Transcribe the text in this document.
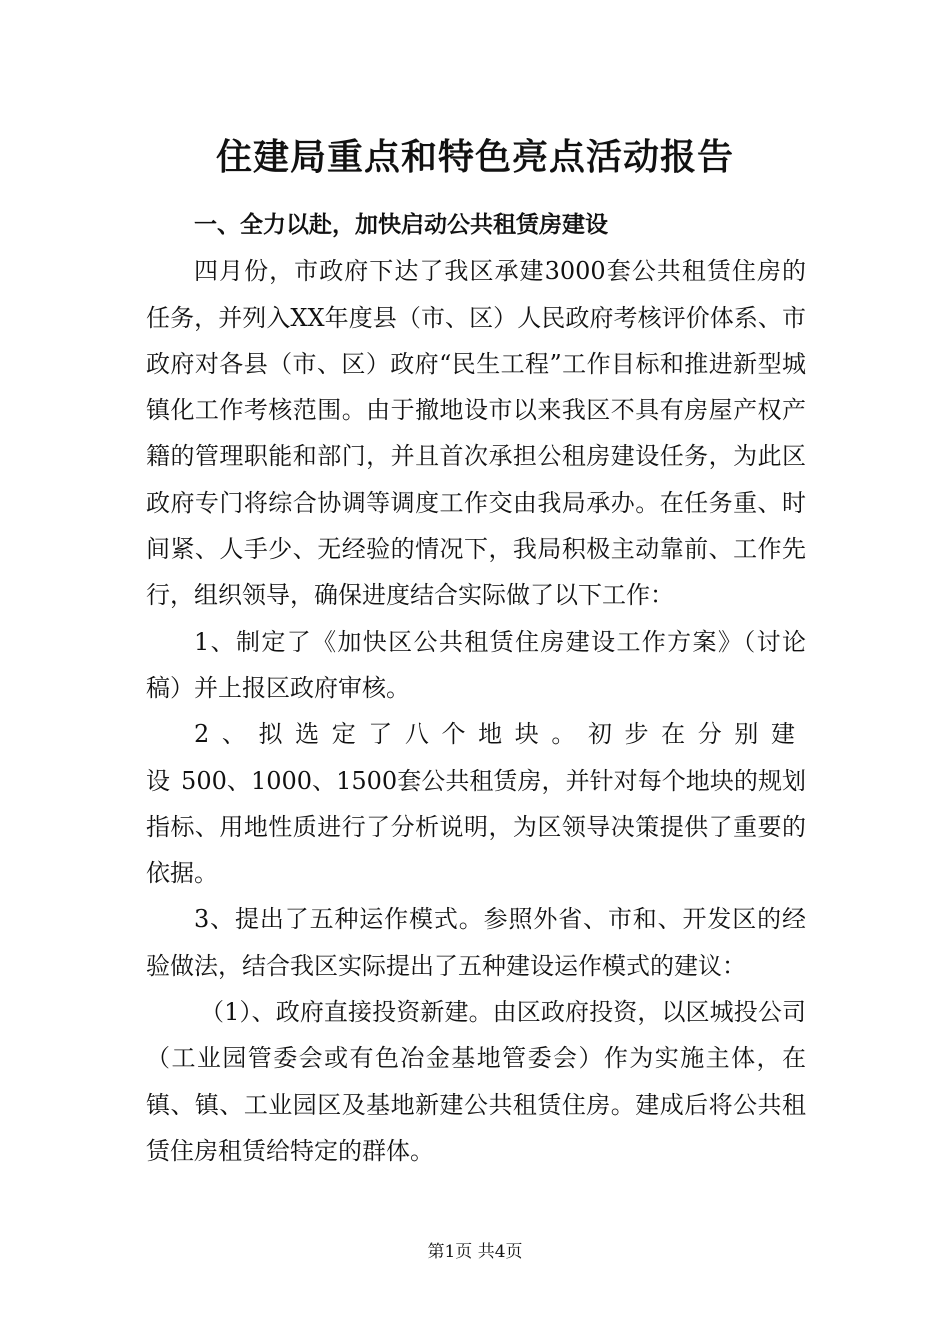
住建局重点和特色亮点活动报告

一、全力以赴，加快启动公共租赁房建设

四月份，市政府下达了我区承建3000套公共租赁住房的任务，并列入XX年度县（市、区）人民政府考核评价体系、市政府对各县（市、区）政府“民生工程”工作目标和推进新型城镇化工作考核范围。由于撤地设市以来我区不具有房屋产权产籍的管理职能和部门，并且首次承担公租房建设任务，为此区政府专门将综合协调等调度工作交由我局承办。在任务重、时间紧、人手少、无经验的情况下，我局积极主动靠前、工作先行，组织领导，确保进度结合实际做了以下工作：

1、制定了《加快区公共租赁住房建设工作方案》（讨论稿）并上报区政府审核。

2、拟选定了八个地块。初步在分别建设500、1000、1500套公共租赁房，并针对每个地块的规划指标、用地性质进行了分析说明，为区领导决策提供了重要的依据。

3、提出了五种运作模式。参照外省、市和、开发区的经验做法，结合我区实际提出了五种建设运作模式的建议：

（1）、政府直接投资新建。由区政府投资，以区城投公司（工业园管委会或有色冶金基地管委会）作为实施主体，在镇、镇、工业园区及基地新建公共租赁住房。建成后将公共租赁住房租赁给特定的群体。

第1页 共4页
